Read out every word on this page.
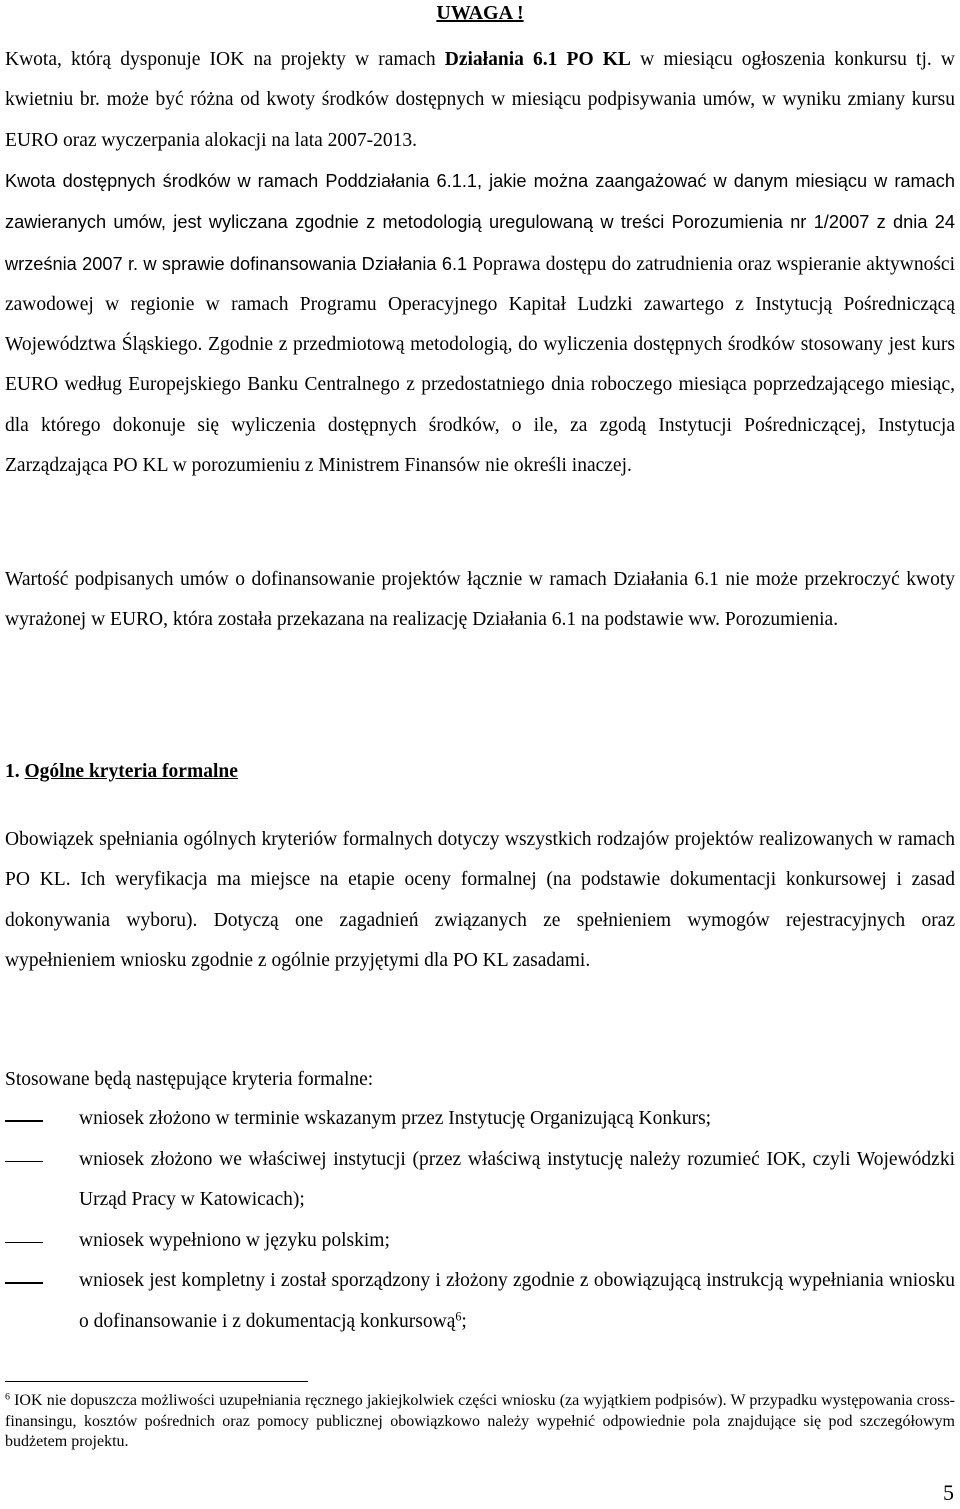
UWAGA !

Kwota, którą dysponuje IOK na projekty w ramach Działania 6.1 PO KL w miesiącu ogłoszenia konkursu tj. w kwietniu br. może być różna od kwoty środków dostępnych w miesiącu podpisywania umów, w wyniku zmiany kursu EURO oraz wyczerpania alokacji na lata 2007-2013.

Kwota dostępnych środków w ramach Poddziałania 6.1.1, jakie można zaangażować w danym miesiącu w ramach zawieranych umów, jest wyliczana zgodnie z metodologią uregulowaną w treści Porozumienia nr 1/2007 z dnia 24 września 2007 r. w sprawie dofinansowania Działania 6.1 Poprawa dostępu do zatrudnienia oraz wspieranie aktywności zawodowej w regionie w ramach Programu Operacyjnego Kapitał Ludzki zawartego z Instytucją Pośredniczącą Województwa Śląskiego. Zgodnie z przedmiotową metodologią, do wyliczenia dostępnych środków stosowany jest kurs EURO według Europejskiego Banku Centralnego z przedostatniego dnia roboczego miesiąca poprzedzającego miesiąc, dla którego dokonuje się wyliczenia dostępnych środków, o ile, za zgodą Instytucji Pośredniczącej, Instytucja Zarządzająca PO KL w porozumieniu z Ministrem Finansów nie określi inaczej.

Wartość podpisanych umów o dofinansowanie projektów łącznie w ramach Działania 6.1 nie może przekroczyć kwoty wyrażonej w EURO, która została przekazana na realizację Działania 6.1 na podstawie ww. Porozumienia.

1. Ogólne kryteria formalne

Obowiązek spełniania ogólnych kryteriów formalnych dotyczy wszystkich rodzajów projektów realizowanych w ramach PO KL. Ich weryfikacja ma miejsce na etapie oceny formalnej (na podstawie dokumentacji konkursowej i zasad dokonywania wyboru). Dotyczą one zagadnień związanych ze spełnieniem wymogów rejestracyjnych oraz wypełnieniem wniosku zgodnie z ogólnie przyjętymi dla PO KL zasadami.

Stosowane będą następujące kryteria formalne:

wniosek złożono w terminie wskazanym przez Instytucję Organizującą Konkurs;
wniosek złożono we właściwej instytucji (przez właściwą instytucję należy rozumieć IOK, czyli Wojewódzki Urząd Pracy w Katowicach);
wniosek wypełniono w języku polskim;
wniosek jest kompletny i został sporządzony i złożony zgodnie z obowiązującą instrukcją wypełniania wniosku o dofinansowanie i z dokumentacją konkursową$^6$;

$^6$ IOK nie dopuszcza możliwości uzupełniania ręcznego jakiejkolwiek części wniosku (za wyjątkiem podpisów). W przypadku występowania cross-finansingu, kosztów pośrednich oraz pomocy publicznej obowiązkowo należy wypełnić odpowiednie pola znajdujące się pod szczegółowym budżetem projektu.

5
